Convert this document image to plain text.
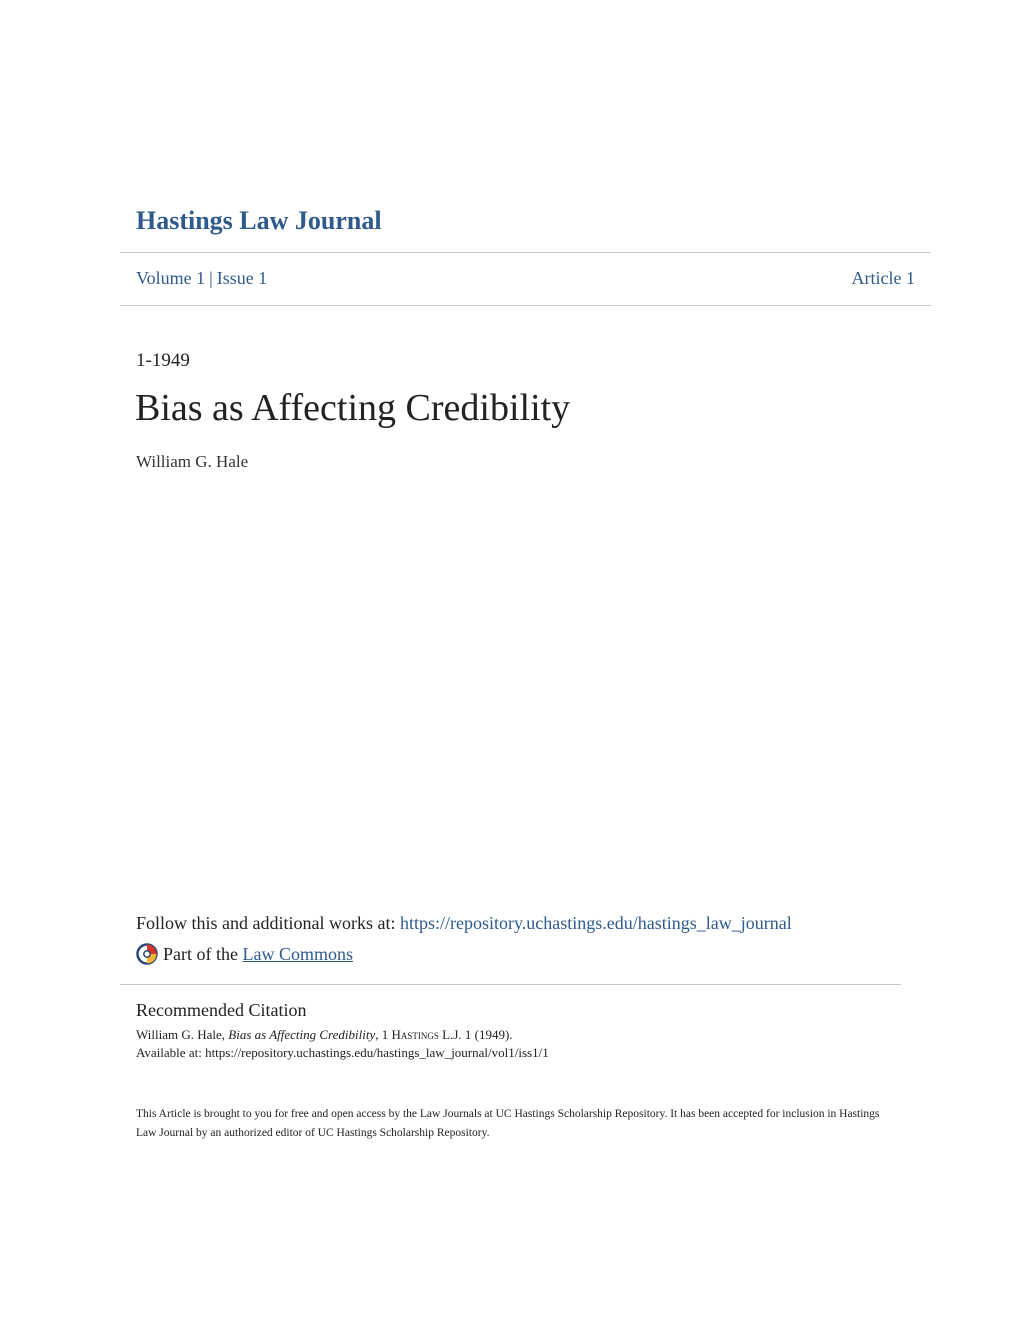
Hastings Law Journal
Volume 1 | Issue 1	Article 1
1-1949
Bias as Affecting Credibility
William G. Hale
Follow this and additional works at: https://repository.uchastings.edu/hastings_law_journal
Part of the Law Commons
Recommended Citation
William G. Hale, Bias as Affecting Credibility, 1 Hastings L.J. 1 (1949).
Available at: https://repository.uchastings.edu/hastings_law_journal/vol1/iss1/1
This Article is brought to you for free and open access by the Law Journals at UC Hastings Scholarship Repository. It has been accepted for inclusion in Hastings Law Journal by an authorized editor of UC Hastings Scholarship Repository.
